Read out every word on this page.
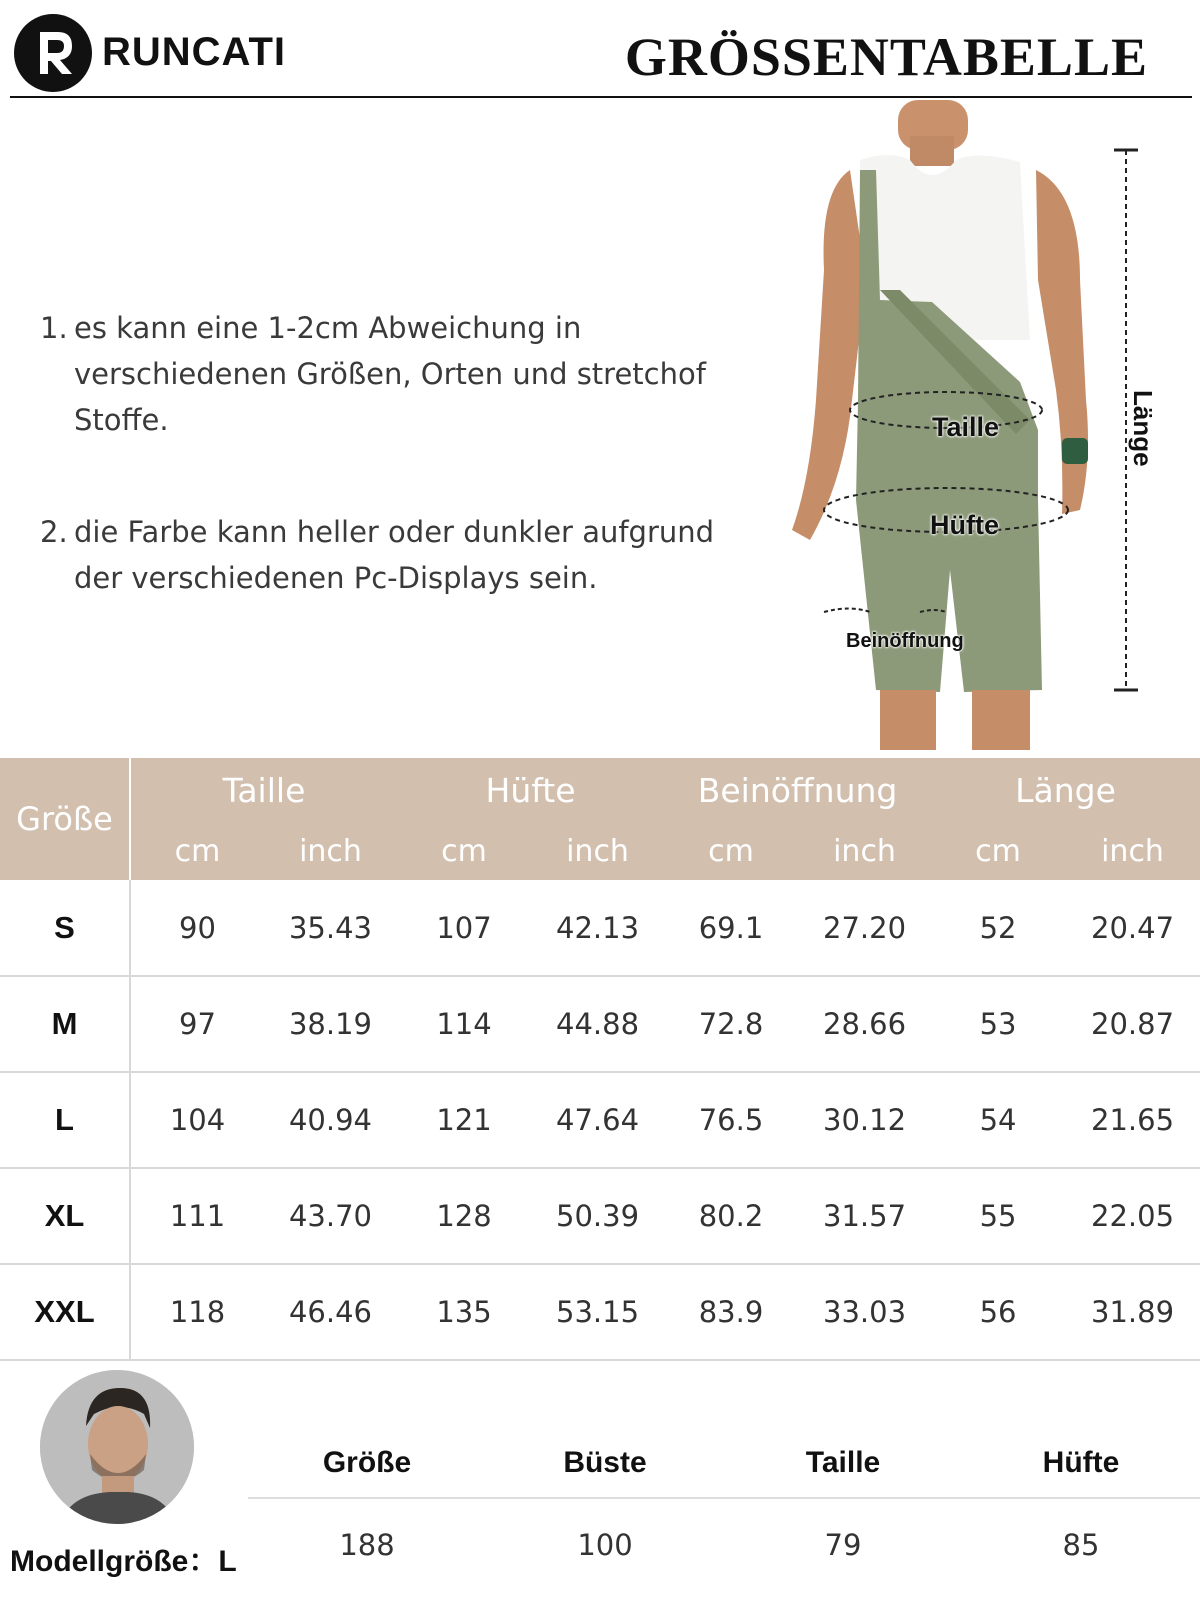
RUNCATI	GRÖSSENTABELLE
1. es kann eine 1-2cm Abweichung in verschiedenen Größen, Orten und stretchof Stoffe.
2. die Farbe kann heller oder dunkler aufgrund der verschiedenen Pc-Displays sein.
Taille
Hüfte
Beinöffnung
Länge
Größe	Taille		Hüfte		Beinöffnung		Länge	
	cm	inch	cm	inch	cm	inch	cm	inch
S	90	35.43	107	42.13	69.1	27.20	52	20.47
M	97	38.19	114	44.88	72.8	28.66	53	20.87
L	104	40.94	121	47.64	76.5	30.12	54	21.65
XL	111	43.70	128	50.39	80.2	31.57	55	22.05
XXL	118	46.46	135	53.15	83.9	33.03	56	31.89
Modellgröße：L
Größe	Büste	Taille	Hüfte
188	100	79	85
